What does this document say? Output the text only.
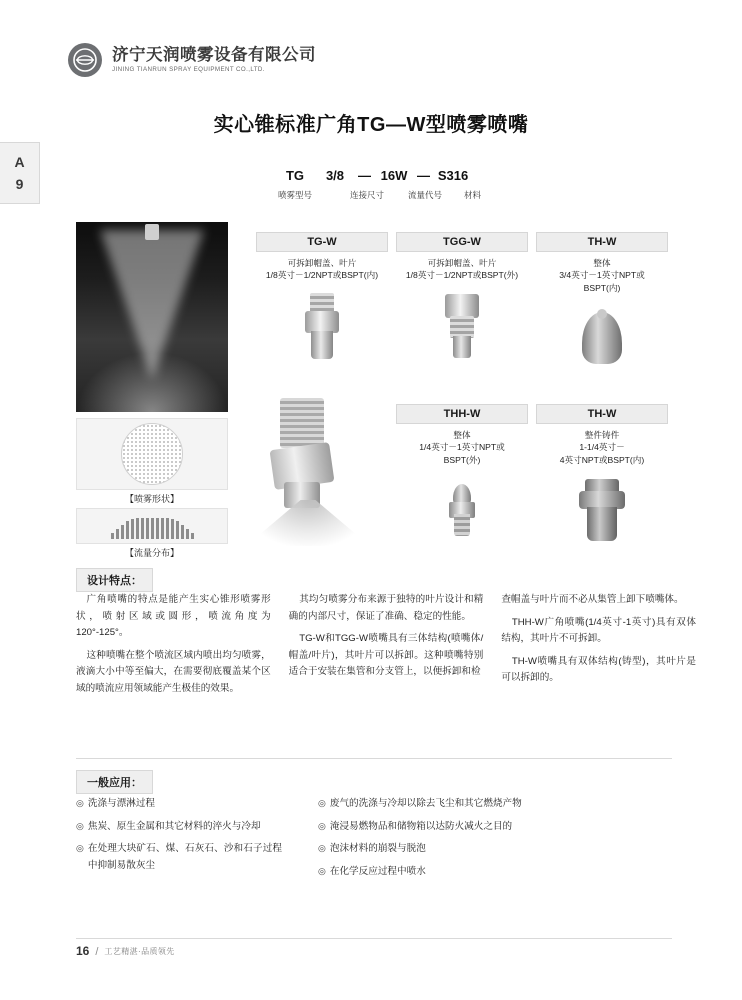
济宁天润喷雾设备有限公司
JINING TIANRUN SPRAY EQUIPMENT CO.,LTD.
实心锥标准广角TG—W型喷雾喷嘴
A
9
TG	3/8	— 16W — S316
喷雾型号	连接尺寸	流量代号	材料
【喷雾形状】
【流量分布】
TG-W
可拆卸帽盖、叶片
1/8英寸－1/2NPT或BSPT(内)
TGG-W
可拆卸帽盖、叶片
1/8英寸－1/2NPT或BSPT(外)
TH-W
整体
3/4英寸－1英寸NPT或
BSPT(内)
THH-W
整体
1/4英寸－1英寸NPT或
BSPT(外)
TH-W
整件铸件
1-1/4英寸－
4英寸NPT或BSPT(内)
设计特点：

广角喷嘴的特点是能产生实心锥形喷雾形状，喷射区域或圆形，喷流角度为120°-125°。

这种喷嘴在整个喷流区域内喷出均匀喷雾，液滴大小中等至偏大，在需要彻底覆盖某个区域的喷流应用领域能产生极佳的效果。

其均匀喷雾分布来源于独特的叶片设计和精确的内部尺寸，保证了准确、稳定的性能。

TG-W和TGG-W喷嘴具有三体结构(喷嘴体/帽盖/叶片)，其叶片可以拆卸。这种喷嘴特别适合于安装在集管和分支管上，以便拆卸和检

查帽盖与叶片而不必从集管上卸下喷嘴体。

THH-W广角喷嘴(1/4英寸-1英寸)具有双体结构，其叶片不可拆卸。

TH-W喷嘴具有双体结构(铸型)，其叶片是可以拆卸的。

一般应用：
◎ 洗涤与漂淋过程

◎ 焦炭、原生金属和其它材料的淬火与冷却

◎ 在处理大块矿石、煤、石灰石、沙和石子过程中抑制易散灰尘

◎ 废气的洗涤与冷却以除去飞尘和其它燃烧产物

◎ 淹浸易燃物品和储物箱以达防火减火之目的

◎ 泡沫材料的崩裂与脱泡

◎ 在化学反应过程中喷水

16 / 工艺精湛·品质领先
